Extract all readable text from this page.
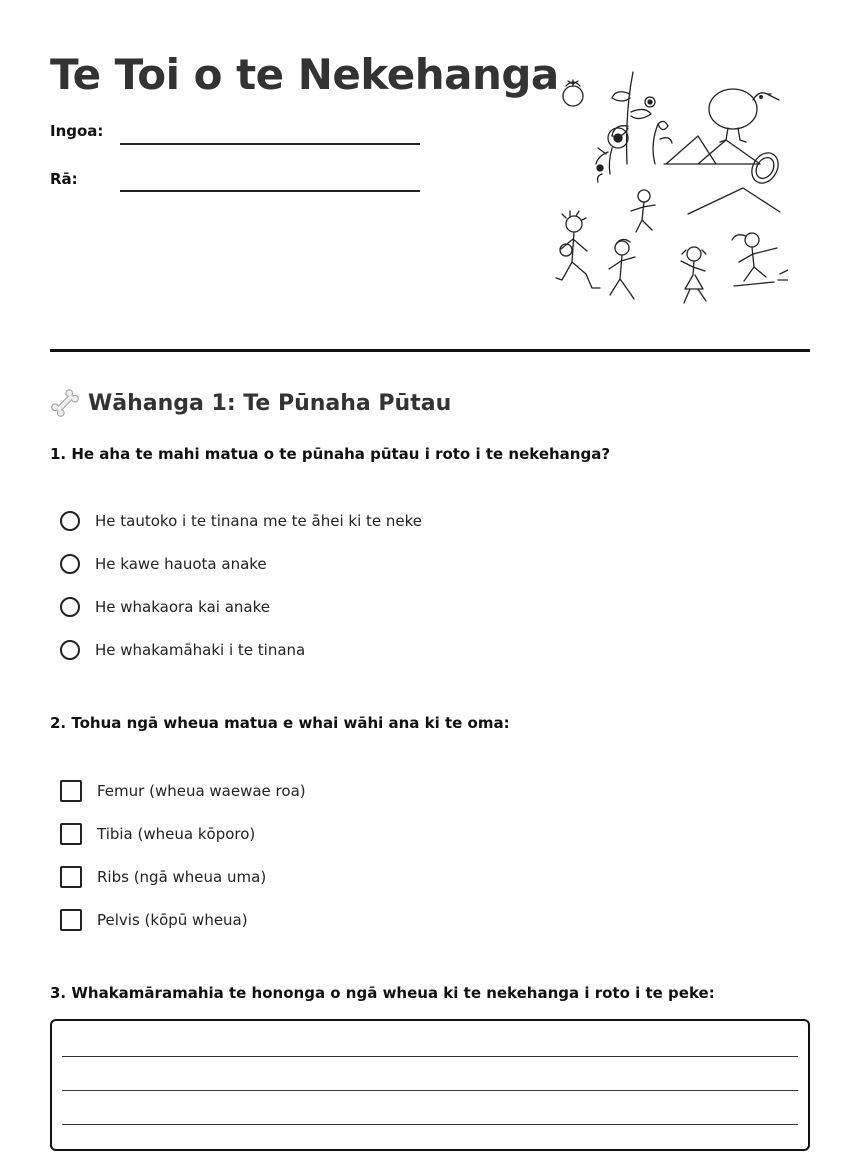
Te Toi o te Nekehanga
Ingoa:
Rā:
Wāhanga 1: Te Pūnaha Pūtau
1. He aha te mahi matua o te pūnaha pūtau i roto i te nekehanga?
He tautoko i te tinana me te āhei ki te neke
He kawe hauota anake
He whakaora kai anake
He whakamāhaki i te tinana
2. Tohua ngā wheua matua e whai wāhi ana ki te oma:
Femur (wheua waewae roa)
Tibia (wheua kōporo)
Ribs (ngā wheua uma)
Pelvis (kōpū wheua)
3. Whakamāramahia te hononga o ngā wheua ki te nekehanga i roto i te peke:
